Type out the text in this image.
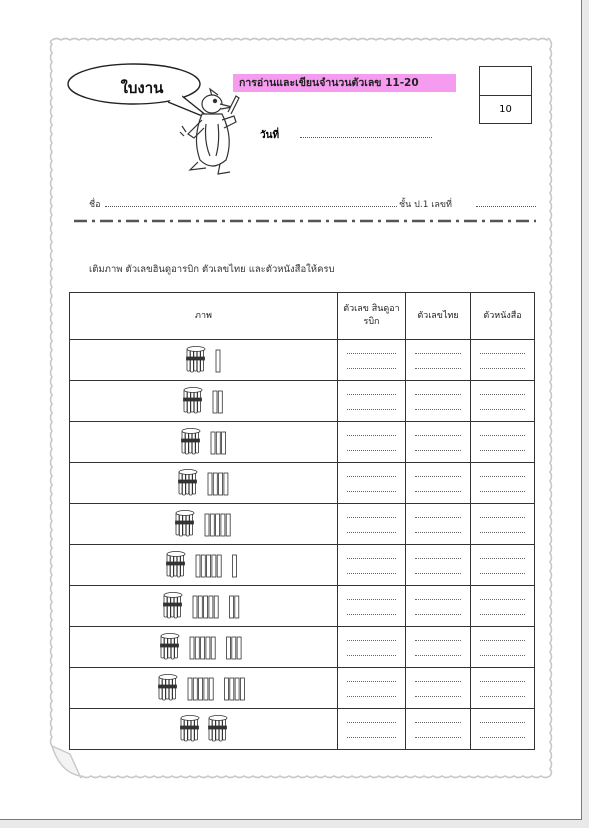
ใบงาน	การอ่านและเขียนจำนวนตัวเลข 11-20
10
วันที่
ชื่อ	ชั้น ป.1 เลขที่
เติมภาพ ตัวเลขฮินดูอารบิก ตัวเลขไทย และตัวหนังสือให้ครบ
ภาพ	ตัวเลข สินดูอารบิก	ตัวเลขไทย	ตัวหนังสือ
